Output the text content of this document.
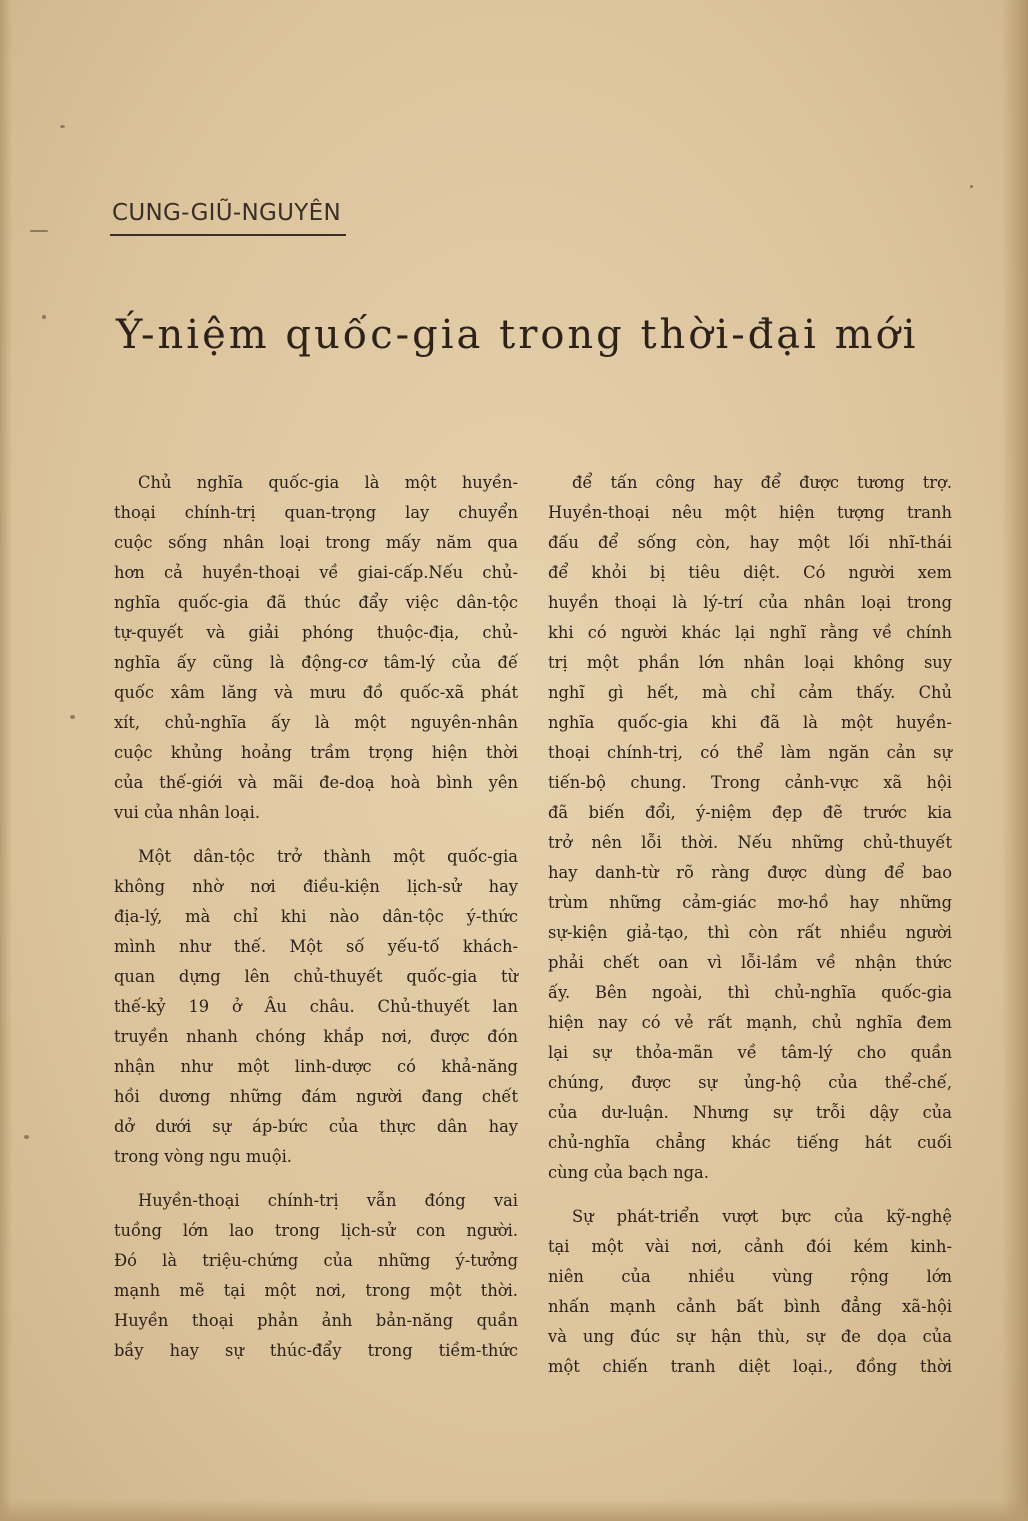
CUNG-GIŨ-NGUYÊN
Ý-niệm quốc-gia trong thời-đại mới
Chủ nghĩa quốc-gia là một huyền-
thoại chính-trị quan-trọng lay chuyển
cuộc sống nhân loại trong mấy năm qua
hơn cả huyền-thoại về giai-cấp.Nếu chủ-
nghĩa quốc-gia đã thúc đẩy việc dân-tộc
tự-quyết và giải phóng thuộc-địa, chủ-
nghĩa ấy cũng là động-cơ tâm-lý của đế
quốc xâm lăng và mưu đồ quốc-xã phát
xít, chủ-nghĩa ấy là một nguyên-nhân
cuộc khủng hoảng trầm trọng hiện thời
của thế-giới và mãi đe-doạ hoà bình yên
vui của nhân loại.
Một dân-tộc trở thành một quốc-gia
không nhờ nơi điều-kiện lịch-sử hay
địa-lý, mà chỉ khi nào dân-tộc ý-thức
mình như thế. Một số yếu-tố khách-
quan dựng lên chủ-thuyết quốc-gia từ
thế-kỷ 19 ở Âu châu. Chủ-thuyết lan
truyền nhanh chóng khắp nơi, được đón
nhận như một linh-dược có khả-năng
hồi dương những đám người đang chết
dở dưới sự áp-bức của thực dân hay
trong vòng ngu muội.
Huyền-thoại chính-trị vẫn đóng vai
tuồng lớn lao trong lịch-sử con người.
Đó là triệu-chứng của những ý-tưởng
mạnh mẽ tại một nơi, trong một thời.
Huyền thoại phản ảnh bản-năng quần
bầy hay sự thúc-đẩy trong tiềm-thức
để tấn công hay để được tương trợ.
Huyền-thoại nêu một hiện tượng tranh
đấu để sống còn, hay một lối nhĩ-thái
để khỏi bị tiêu diệt. Có người xem
huyền thoại là lý-trí của nhân loại trong
khi có người khác lại nghĩ rằng về chính
trị một phần lớn nhân loại không suy
nghĩ gì hết, mà chỉ cảm thấy. Chủ
nghĩa quốc-gia khi đã là một huyền-
thoại chính-trị, có thể làm ngăn cản sự
tiến-bộ chung. Trong cảnh-vực xã hội
đã biến đổi, ý-niệm đẹp đẽ trước kia
trở nên lỗi thời. Nếu những chủ-thuyết
hay danh-từ rõ ràng được dùng để bao
trùm những cảm-giác mơ-hồ hay những
sự-kiện giả-tạo, thì còn rất nhiều người
phải chết oan vì lỗi-lầm về nhận thức
ấy. Bên ngoài, thì chủ-nghĩa quốc-gia
hiện nay có vẻ rất mạnh, chủ nghĩa đem
lại sự thỏa-mãn về tâm-lý cho quần
chúng, được sự ủng-hộ của thể-chế,
của dư-luận. Nhưng sự trỗi dậy của
chủ-nghĩa chẳng khác tiếng hát cuối
cùng của bạch nga.
Sự phát-triển vượt bực của kỹ-nghệ
tại một vài nơi, cảnh đói kém kinh-
niên của nhiều vùng rộng lớn
nhấn mạnh cảnh bất bình đẳng xã-hội
và ung đúc sự hận thù, sự đe dọa của
một chiến tranh diệt loại., đồng thời
